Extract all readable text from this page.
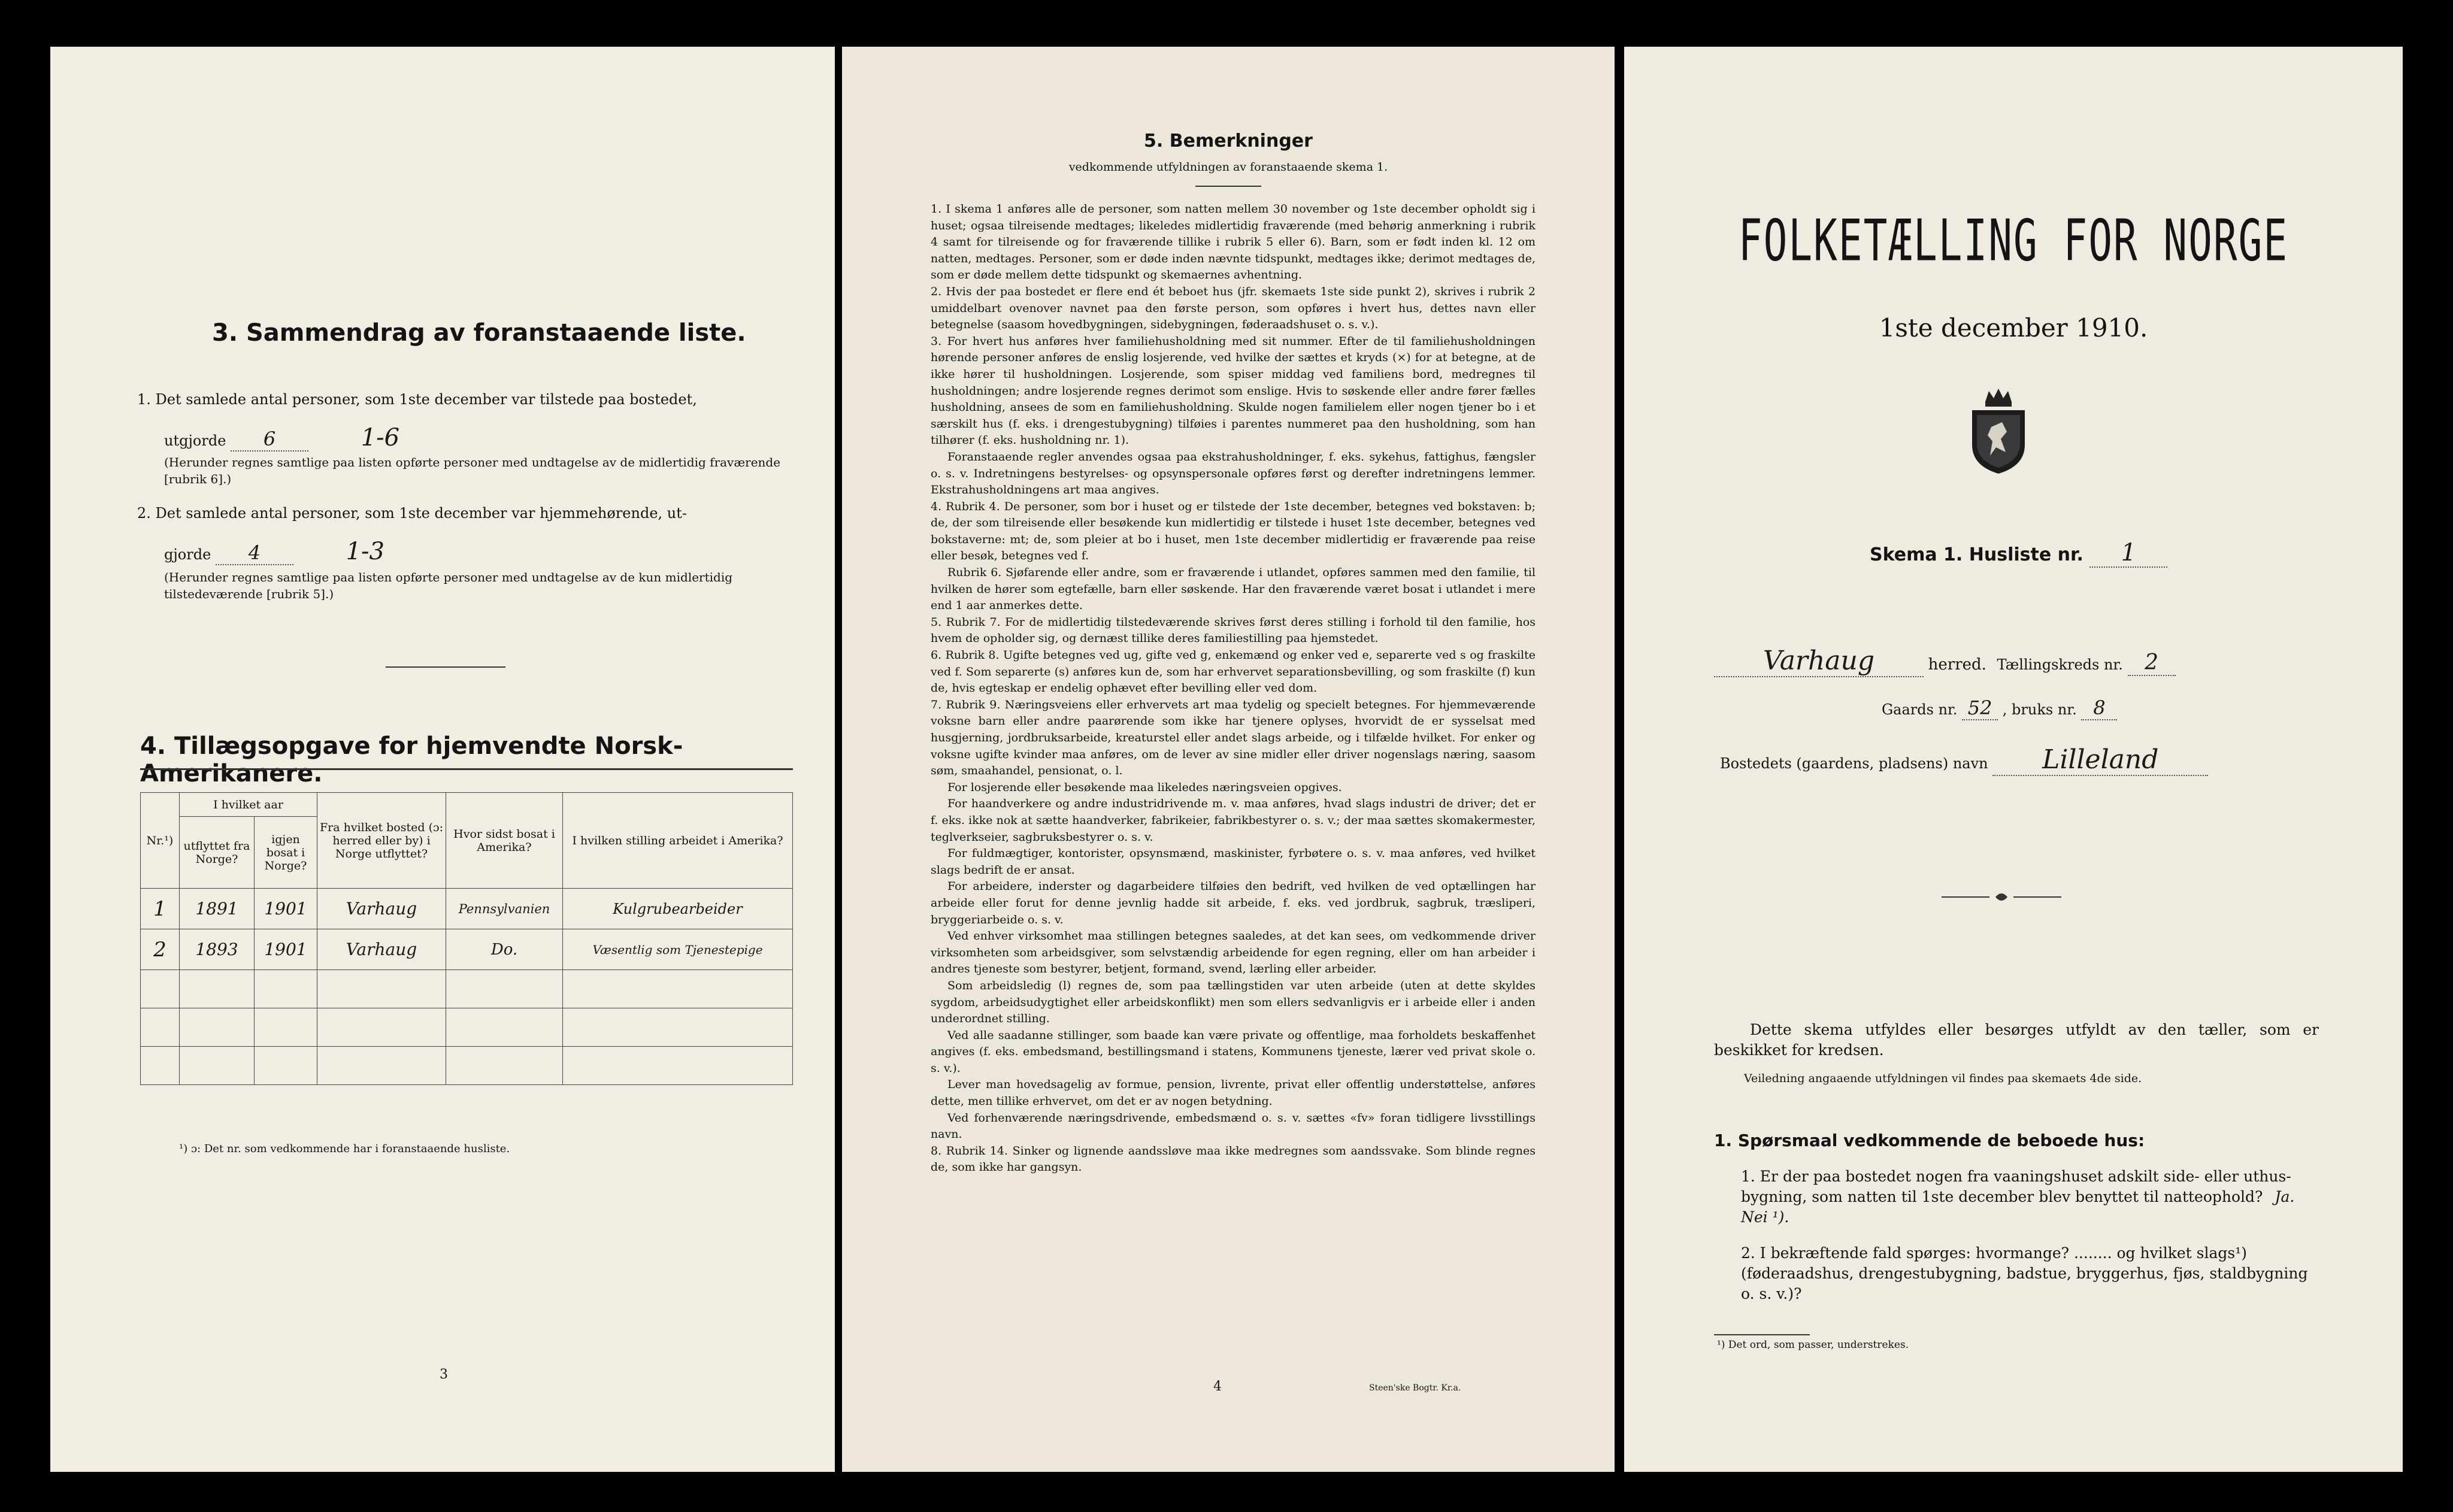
3. Sammendrag av foranstaaende liste.
1. Det samlede antal personer, som 1ste december var tilstede paa bostedet,
utgjorde 6	1-6
(Herunder regnes samtlige paa listen opførte personer med undtagelse av de midlertidig fraværende [rubrik 6].)
2. Det samlede antal personer, som 1ste december var hjemmehørende, ut-
gjorde 4	1-3
(Herunder regnes samtlige paa listen opførte personer med undtagelse av de kun midlertidig tilstedeværende [rubrik 5].)
4. Tillægsopgave for hjemvendte Norsk-Amerikanere.
Nr.¹)	I hvilket aar		Fra hvilket bosted (ɔ: herred eller by) i Norge utflyttet?	Hvor sidst bosat i Amerika?	I hvilken stilling arbeidet i Amerika?
	utflyttet fra Norge?	igjen bosat i Norge?			
1	1891	1901	Varhaug	Pennsylvanien	Kulgrubearbeider
2	1893	1901	Varhaug	Do.	Væsentlig som Tjenestepige

¹) ɔ: Det nr. som vedkommende har i foranstaaende husliste.
3
5. Bemerkninger
vedkommende utfyldningen av foranstaaende skema 1.

1. I skema 1 anføres alle de personer, som natten mellem 30 november og 1ste december opholdt sig i huset; ogsaa tilreisende medtages; likeledes midlertidig fraværende (med behørig anmerkning i rubrik 4 samt for tilreisende og for fraværende tillike i rubrik 5 eller 6). Barn, som er født inden kl. 12 om natten, medtages. Personer, som er døde inden nævnte tidspunkt, medtages ikke; derimot medtages de, som er døde mellem dette tidspunkt og skemaernes avhentning.

2. Hvis der paa bostedet er flere end ét beboet hus (jfr. skemaets 1ste side punkt 2), skrives i rubrik 2 umiddelbart ovenover navnet paa den første person, som opføres i hvert hus, dettes navn eller betegnelse (saasom hovedbygningen, sidebygningen, føderaadshuset o. s. v.).

3. For hvert hus anføres hver familiehusholdning med sit nummer. Efter de til familiehusholdningen hørende personer anføres de enslig losjerende, ved hvilke der sættes et kryds (×) for at betegne, at de ikke hører til husholdningen. Losjerende, som spiser middag ved familiens bord, medregnes til husholdningen; andre losjerende regnes derimot som enslige. Hvis to søskende eller andre fører fælles husholdning, ansees de som en familiehusholdning. Skulde nogen familielem eller nogen tjener bo i et særskilt hus (f. eks. i drengestubygning) tilføies i parentes nummeret paa den husholdning, som han tilhører (f. eks. husholdning nr. 1).

Foranstaaende regler anvendes ogsaa paa ekstrahusholdninger, f. eks. sykehus, fattighus, fængsler o. s. v. Indretningens bestyrelses- og opsynspersonale opføres først og derefter indretningens lemmer. Ekstrahusholdningens art maa angives.

4. Rubrik 4. De personer, som bor i huset og er tilstede der 1ste december, betegnes ved bokstaven: b; de, der som tilreisende eller besøkende kun midlertidig er tilstede i huset 1ste december, betegnes ved bokstaverne: mt; de, som pleier at bo i huset, men 1ste december midlertidig er fraværende paa reise eller besøk, betegnes ved f.

Rubrik 6. Sjøfarende eller andre, som er fraværende i utlandet, opføres sammen med den familie, til hvilken de hører som egtefælle, barn eller søskende. Har den fraværende været bosat i utlandet i mere end 1 aar anmerkes dette.

5. Rubrik 7. For de midlertidig tilstedeværende skrives først deres stilling i forhold til den familie, hos hvem de opholder sig, og dernæst tillike deres familiestilling paa hjemstedet.

6. Rubrik 8. Ugifte betegnes ved ug, gifte ved g, enkemænd og enker ved e, separerte ved s og fraskilte ved f. Som separerte (s) anføres kun de, som har erhvervet separationsbevilling, og som fraskilte (f) kun de, hvis egteskap er endelig ophævet efter bevilling eller ved dom.

7. Rubrik 9. Næringsveiens eller erhvervets art maa tydelig og specielt betegnes. For hjemmeværende voksne barn eller andre paarørende som ikke har tjenere oplyses, hvorvidt de er sysselsat med husgjerning, jordbruksarbeide, kreaturstel eller andet slags arbeide, og i tilfælde hvilket. For enker og voksne ugifte kvinder maa anføres, om de lever av sine midler eller driver nogenslags næring, saasom søm, smaahandel, pensionat, o. l.

For losjerende eller besøkende maa likeledes næringsveien opgives.

For haandverkere og andre industridrivende m. v. maa anføres, hvad slags industri de driver; det er f. eks. ikke nok at sætte haandverker, fabrikeier, fabrikbestyrer o. s. v.; der maa sættes skomakermester, teglverkseier, sagbruksbestyrer o. s. v.

For fuldmægtiger, kontorister, opsynsmænd, maskinister, fyrbøtere o. s. v. maa anføres, ved hvilket slags bedrift de er ansat.

For arbeidere, inderster og dagarbeidere tilføies den bedrift, ved hvilken de ved optællingen har arbeide eller forut for denne jevnlig hadde sit arbeide, f. eks. ved jordbruk, sagbruk, træsliperi, bryggeriarbeide o. s. v.

Ved enhver virksomhet maa stillingen betegnes saaledes, at det kan sees, om vedkommende driver virksomheten som arbeidsgiver, som selvstændig arbeidende for egen regning, eller om han arbeider i andres tjeneste som bestyrer, betjent, formand, svend, lærling eller arbeider.

Som arbeidsledig (l) regnes de, som paa tællingstiden var uten arbeide (uten at dette skyldes sygdom, arbeidsudygtighet eller arbeidskonflikt) men som ellers sedvanligvis er i arbeide eller i anden underordnet stilling.

Ved alle saadanne stillinger, som baade kan være private og offentlige, maa forholdets beskaffenhet angives (f. eks. embedsmand, bestillingsmand i statens, Kommunens tjeneste, lærer ved privat skole o. s. v.).

Lever man hovedsagelig av formue, pension, livrente, privat eller offentlig understøttelse, anføres dette, men tillike erhvervet, om det er av nogen betydning.

Ved forhenværende næringsdrivende, embedsmænd o. s. v. sættes «fv» foran tidligere livsstillings navn.

8. Rubrik 14. Sinker og lignende aandssløve maa ikke medregnes som aandssvake. Som blinde regnes de, som ikke har gangsyn.

4	Steen'ske Bogtr. Kr.a.
FOLKETÆLLING FOR NORGE
1ste december 1910.
Skema 1. Husliste nr. 1
Varhaug	herred. Tællingskreds nr. 2
Gaards nr. 52 , bruks nr. 8
Bostedets (gaardens, pladsens) navn Lilleland
Dette skema utfyldes eller besørges utfyldt av den tæller, som er beskikket for kredsen.
Veiledning angaaende utfyldningen vil findes paa skemaets 4de side.
1. Spørsmaal vedkommende de beboede hus:
1. Er der paa bostedet nogen fra vaaningshuset adskilt side- eller uthus-bygning, som natten til 1ste december blev benyttet til natteophold? Ja. Nei ¹).
2. I bekræftende fald spørges: hvormange? ........ og hvilket slags¹) (føderaadshus, drengestubygning, badstue, bryggerhus, fjøs, staldbygning o. s. v.)?
¹) Det ord, som passer, understrekes.
